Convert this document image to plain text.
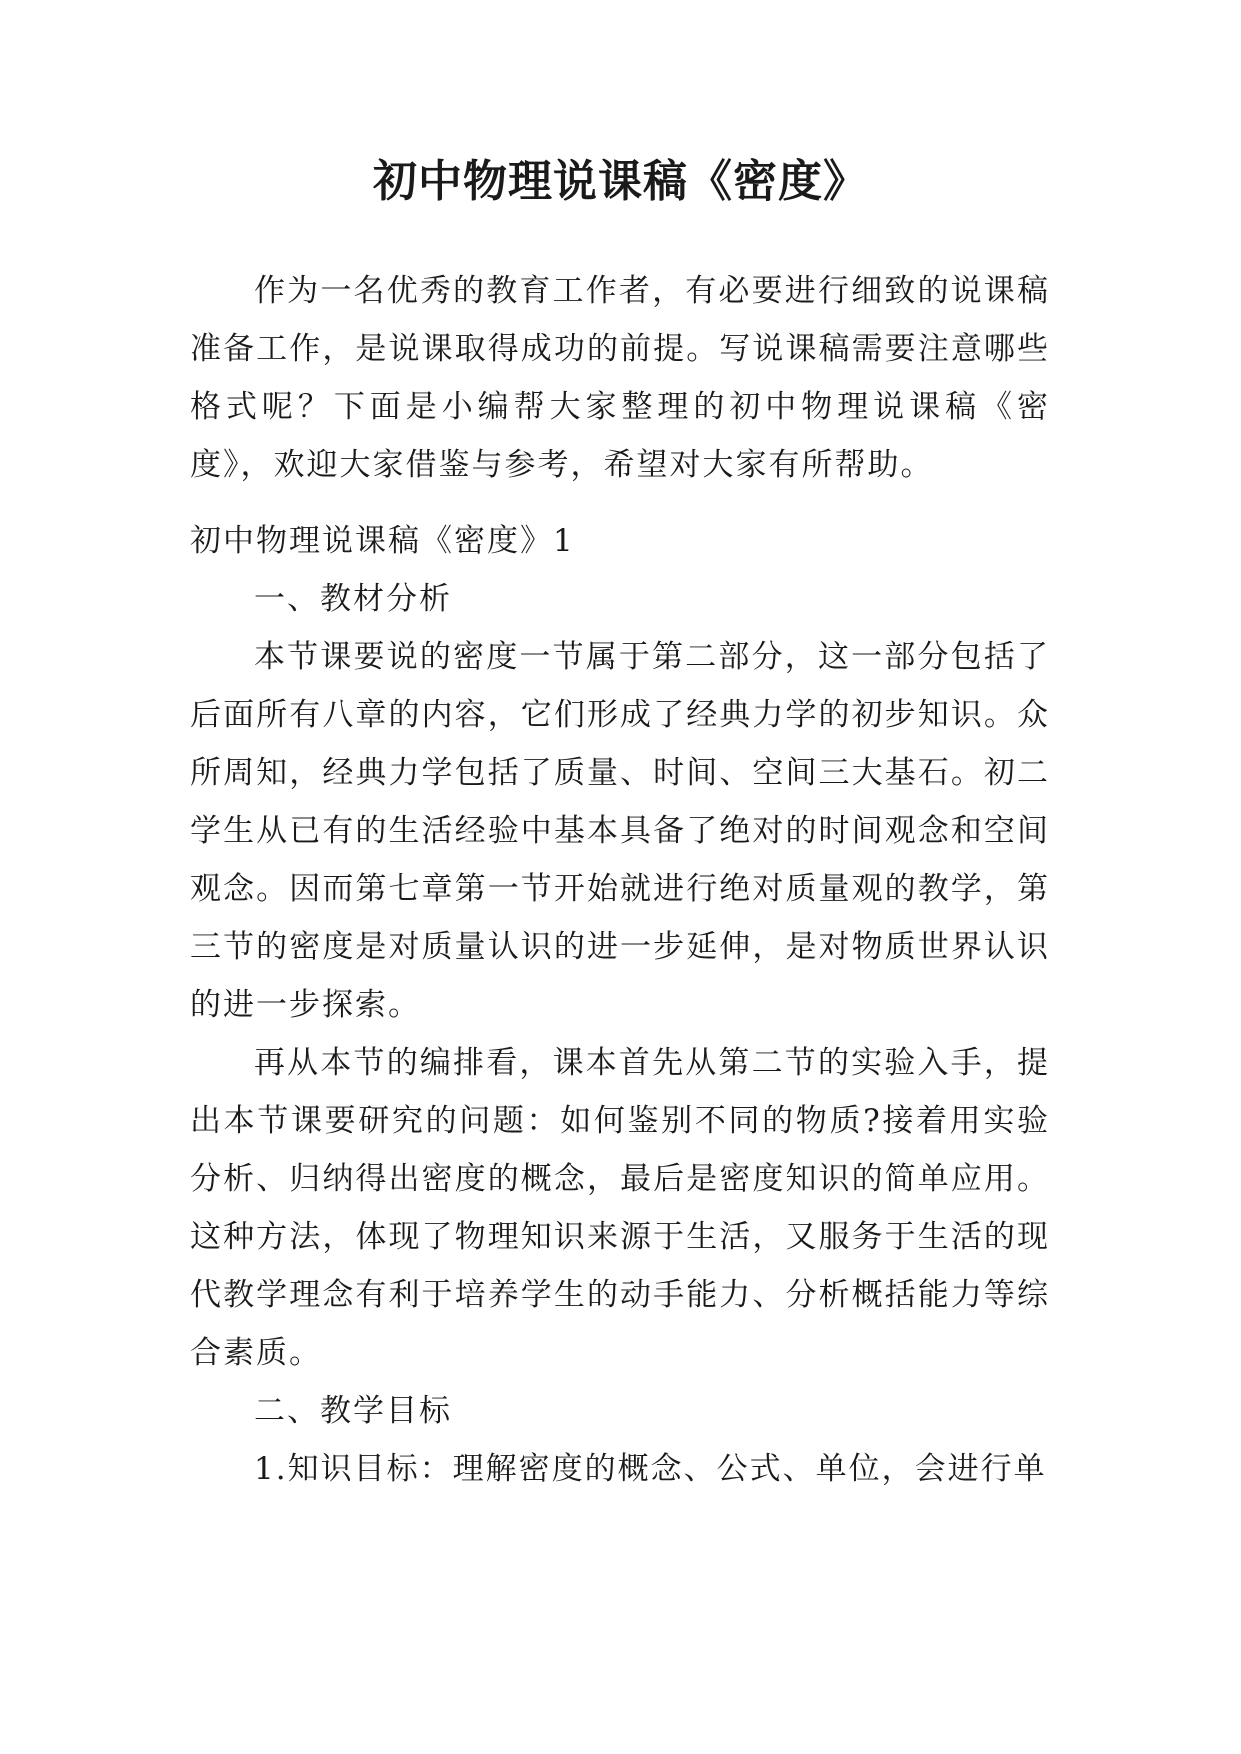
初中物理说课稿《密度》

作为一名优秀的教育工作者，有必要进行细致的说课稿准备工作，是说课取得成功的前提。写说课稿需要注意哪些格式呢？下面是小编帮大家整理的初中物理说课稿《密度》，欢迎大家借鉴与参考，希望对大家有所帮助。

初中物理说课稿《密度》1

一、教材分析

本节课要说的密度一节属于第二部分，这一部分包括了后面所有八章的内容，它们形成了经典力学的初步知识。众所周知，经典力学包括了质量、时间、空间三大基石。初二学生从已有的生活经验中基本具备了绝对的时间观念和空间观念。因而第七章第一节开始就进行绝对质量观的教学，第三节的密度是对质量认识的进一步延伸，是对物质世界认识的进一步探索。

再从本节的编排看，课本首先从第二节的实验入手，提出本节课要研究的问题：如何鉴别不同的物质?接着用实验分析、归纳得出密度的概念，最后是密度知识的简单应用。这种方法，体现了物理知识来源于生活，又服务于生活的现代教学理念有利于培养学生的动手能力、分析概括能力等综合素质。

二、教学目标

1.知识目标：理解密度的概念、公式、单位，会进行单
